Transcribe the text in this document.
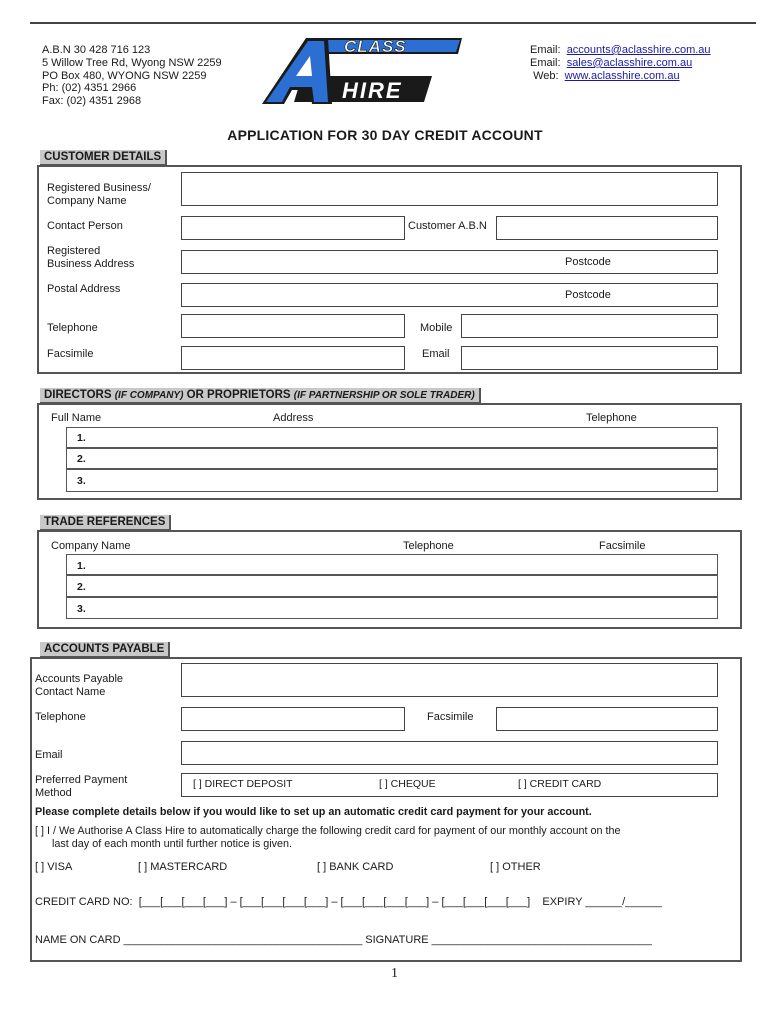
A.B.N 30 428 716 123
5 Willow Tree Rd, Wyong NSW 2259
PO Box 480, WYONG NSW 2259
Ph: (02) 4351 2966
Fax: (02) 4351 2968
CLASS
HIRE
Email: accounts@aclasshire.com.au
Email: sales@aclasshire.com.au
Web: www.aclasshire.com.au
APPLICATION FOR 30 DAY CREDIT ACCOUNT
CUSTOMER DETAILS
Registered Business/
Company Name
Contact Person	Customer A.B.N
Registered
Business Address	Postcode
Postal Address	Postcode
Telephone	Mobile
Facsimile	Email
DIRECTORS (IF COMPANY) OR PROPRIETORS (IF PARTNERSHIP OR SOLE TRADER)
Full Name	Address	Telephone
1.
2.
3.
TRADE REFERENCES
Company Name	Telephone	Facsimile
1.
2.
3.
ACCOUNTS PAYABLE
Accounts Payable
Contact Name
Telephone	Facsimile
Email
Preferred Payment
Method
[ ] DIRECT DEPOSIT	[ ] CHEQUE	[ ] CREDIT CARD
Please complete details below if you would like to set up an automatic credit card payment for your account.
[ ] I / We Authorise A Class Hire to automatically charge the following credit card for payment of our monthly account on the
last day of each month until further notice is given.
[ ] VISA	[ ] MASTERCARD	[ ] BANK CARD	[ ] OTHER
CREDIT CARD NO:  [___[___[___[___] – [___[___[___[___] – [___[___[___[___] – [___[___[___[___]    EXPIRY ______/______
NAME ON CARD _______________________________________ SIGNATURE ____________________________________
1
